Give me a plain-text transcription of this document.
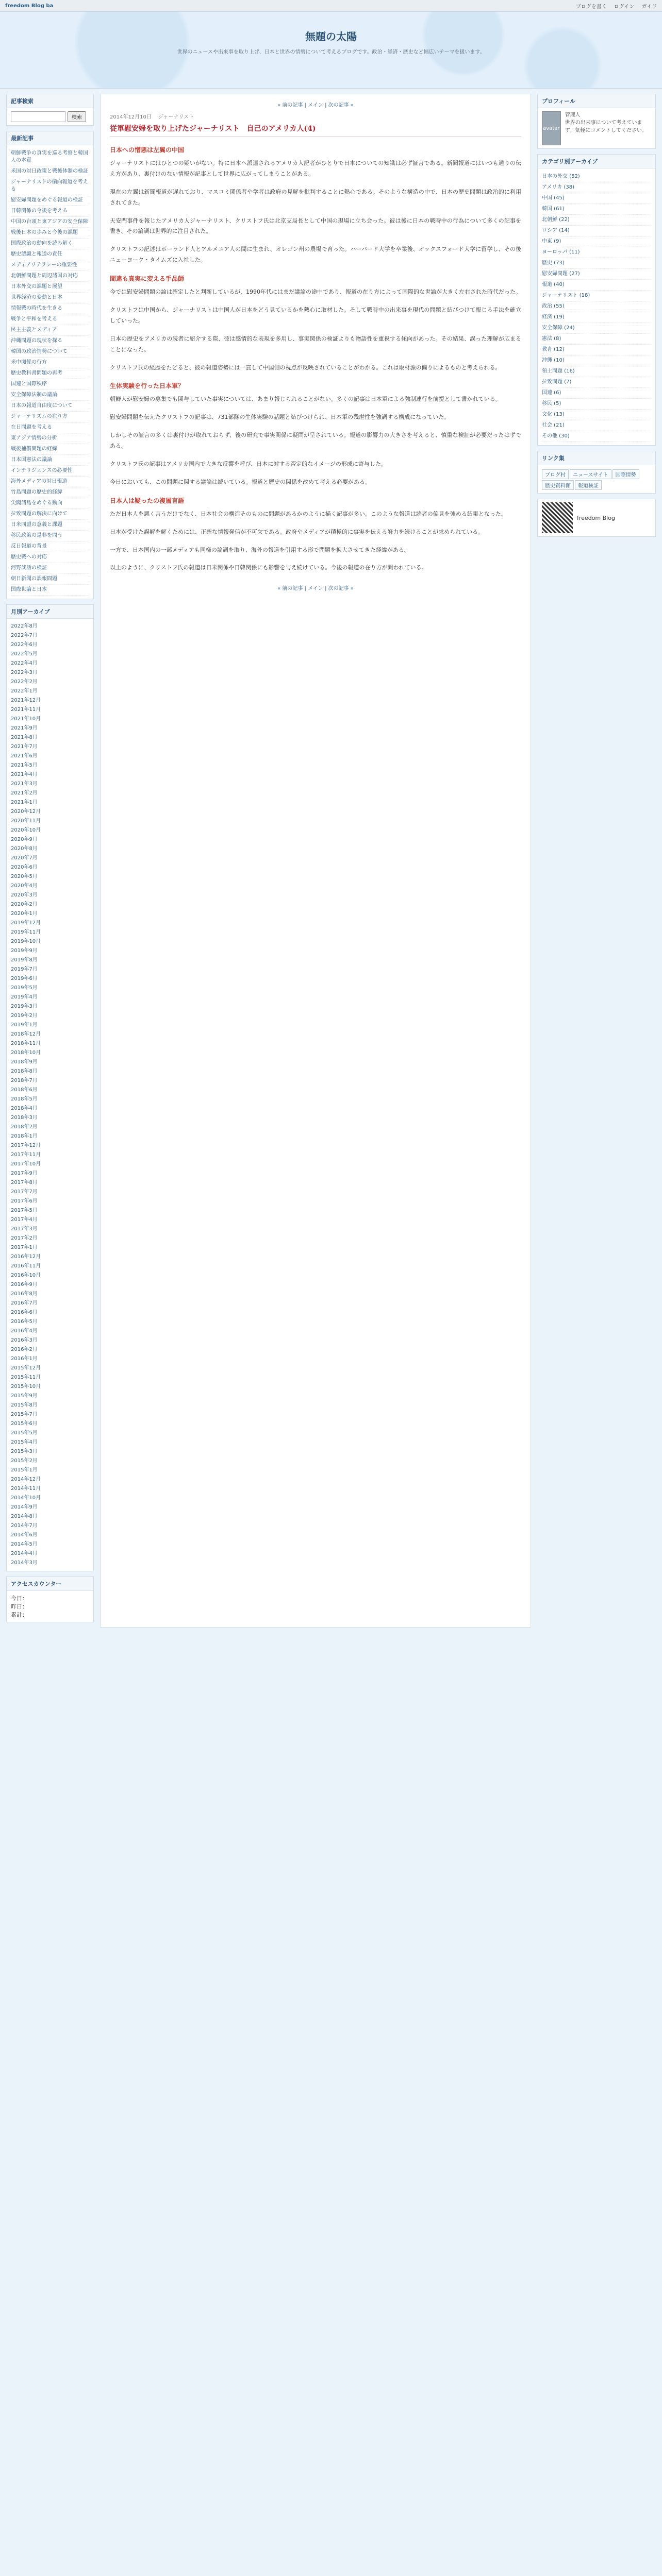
freedom Blog ba	ブログを書く ログイン ガイド
無題の太陽
世界のニュースや出来事を取り上げ、日本と世界の情勢について考えるブログです。政治・経済・歴史など幅広いテーマを扱います。
記事検索
検索
最新記事
朝鮮戦争の真実を巡る考察と韓国人の本質
米国の対日政策と戦後体制の検証
ジャーナリストの偏向報道を考える
慰安婦問題をめぐる報道の検証
日韓関係の今後を考える
中国の台頭と東アジアの安全保障
戦後日本の歩みと今後の課題
国際政治の動向を読み解く
歴史認識と報道の責任
メディアリテラシーの重要性
北朝鮮問題と周辺諸国の対応
日本外交の課題と展望
世界経済の変動と日本
情報戦の時代を生きる
戦争と平和を考える
民主主義とメディア
沖縄問題の現状を探る
韓国の政治情勢について
米中関係の行方
歴史教科書問題の再考
国連と国際秩序
安全保障法制の議論
日本の報道自由度について
ジャーナリズムの在り方
在日問題を考える
東アジア情勢の分析
戦後補償問題の経緯
日本国憲法の議論
インテリジェンスの必要性
海外メディアの対日報道
竹島問題の歴史的経緯
尖閣諸島をめぐる動向
拉致問題の解決に向けて
日米同盟の意義と課題
移民政策の是非を問う
反日報道の背景
歴史戦への対応
河野談話の検証
朝日新聞の誤報問題
国際世論と日本
月別アーカイブ
2022年8月
2022年7月
2022年6月
2022年5月
2022年4月
2022年3月
2022年2月
2022年1月
2021年12月
2021年11月
2021年10月
2021年9月
2021年8月
2021年7月
2021年6月
2021年5月
2021年4月
2021年3月
2021年2月
2021年1月
2020年12月
2020年11月
2020年10月
2020年9月
2020年8月
2020年7月
2020年6月
2020年5月
2020年4月
2020年3月
2020年2月
2020年1月
2019年12月
2019年11月
2019年10月
2019年9月
2019年8月
2019年7月
2019年6月
2019年5月
2019年4月
2019年3月
2019年2月
2019年1月
2018年12月
2018年11月
2018年10月
2018年9月
2018年8月
2018年7月
2018年6月
2018年5月
2018年4月
2018年3月
2018年2月
2018年1月
2017年12月
2017年11月
2017年10月
2017年9月
2017年8月
2017年7月
2017年6月
2017年5月
2017年4月
2017年3月
2017年2月
2017年1月
2016年12月
2016年11月
2016年10月
2016年9月
2016年8月
2016年7月
2016年6月
2016年5月
2016年4月
2016年3月
2016年2月
2016年1月
2015年12月
2015年11月
2015年10月
2015年9月
2015年8月
2015年7月
2015年6月
2015年5月
2015年4月
2015年3月
2015年2月
2015年1月
2014年12月
2014年11月
2014年10月
2014年9月
2014年8月
2014年7月
2014年6月
2014年5月
2014年4月
2014年3月
アクセスカウンター
今日：
昨日：
累計：
« 前の記事 | メイン | 次の記事 »
2014年12月10日 ジャーナリスト
従軍慰安婦を取り上げたジャーナリスト　自己のアメリカ人(4)
日本への憎悪は左翼の中国

ジャーナリストにはひとつの疑いがない。特に日本へ派遣されるアメリカ人記者がひとりで日本についての知識は必ず証言である。新聞報道にはいつも通りの伝え方があり、裏付けのない情報が記事として世界に広がってしまうことがある。

現在の左翼は新聞報道が遅れており、マスコミ関係者や学者は政府の見解を批判することに熱心である。そのような構造の中で、日本の歴史問題は政治的に利用されてきた。

天安門事件を報じたアメリカ人ジャーナリスト、クリストフ氏は北京支局長として中国の現場に立ち会った。彼は後に日本の戦時中の行為について多くの記事を書き、その論調は世界的に注目された。

クリストフの記述はボーランド人とアルメニア人の間に生まれ、オレゴン州の農場で育った。ハーバード大学を卒業後、オックスフォード大学に留学し、その後ニューヨーク・タイムズに入社した。

間違も真実に変える手品師

今では慰安婦問題の論は確定したと判断しているが、1990年代にはまだ議論の途中であり、報道の在り方によって国際的な世論が大きく左右された時代だった。

クリストフは中国から、ジャーナリストは中国人が日本をどう見ているかを熱心に取材した。そして戦時中の出来事を現代の問題と結びつけて報じる手法を確立していった。

日本の歴史をアメリカの読者に紹介する際、彼は感情的な表現を多用し、事実関係の検証よりも物語性を重視する傾向があった。その結果、誤った理解が広まることになった。

クリストフ氏の経歴をたどると、彼の報道姿勢には一貫して中国側の視点が反映されていることがわかる。これは取材源の偏りによるものと考えられる。

生体実験を行った日本軍？

朝鮮人が慰安婦の募集でも関与していた事実については、あまり報じられることがない。多くの記事は日本軍による強制連行を前提として書かれている。

慰安婦問題を伝えたクリストフの記事は、731部隊の生体実験の話題と結びつけられ、日本軍の残虐性を強調する構成になっていた。

しかしその証言の多くは裏付けが取れておらず、後の研究で事実関係に疑問が呈されている。報道の影響力の大きさを考えると、慎重な検証が必要だったはずである。

クリストフ氏の記事はアメリカ国内で大きな反響を呼び、日本に対する否定的なイメージの形成に寄与した。

今日においても、この問題に関する議論は続いている。報道と歴史の関係を改めて考える必要がある。

日本人は疑ったの複層言語

ただ日本人を悪く言うだけでなく、日本社会の構造そのものに問題があるかのように描く記事が多い。このような報道は読者の偏見を強める結果となった。

日本が受けた誤解を解くためには、正確な情報発信が不可欠である。政府やメディアが積極的に事実を伝える努力を続けることが求められている。

一方で、日本国内の一部メディアも同様の論調を取り、海外の報道を引用する形で問題を拡大させてきた経緯がある。

以上のように、クリストフ氏の報道は日米関係や日韓関係にも影響を与え続けている。今後の報道の在り方が問われている。

« 前の記事 | メイン | 次の記事 »
プロフィール
avatar
管理人
世界の出来事について考えています。気軽にコメントしてください。
カテゴリ別アーカイブ
日本の外交 (52)
アメリカ (38)
中国 (45)
韓国 (61)
北朝鮮 (22)
ロシア (14)
中東 (9)
ヨーロッパ (11)
歴史 (73)
慰安婦問題 (27)
報道 (40)
ジャーナリスト (18)
政治 (55)
経済 (19)
安全保障 (24)
憲法 (8)
教育 (12)
沖縄 (10)
領土問題 (16)
拉致問題 (7)
国連 (6)
移民 (5)
文化 (13)
社会 (21)
その他 (30)
リンク集
ブログ村 ニュースサイト 国際情勢歴史資料館 報道検証
freedom Blog
